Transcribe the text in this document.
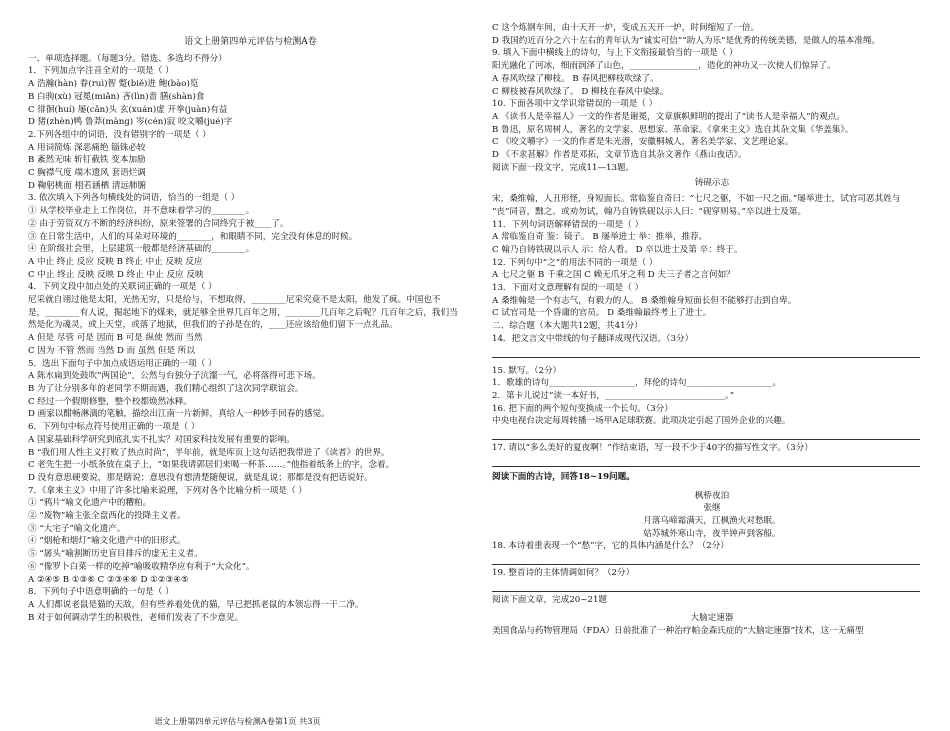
语文上册第四单元评估与检测A卷
一、单项选择题。（每题3分。错选、多选均不得分）
1．下列加点字注音全对的一项是（ ）
A 浩瀚(hàn) 眷(ruì)智 蹩(biě)进 鲍(bào)览
B 白驹(xù) 冠冕(miǎn) 吝(lìn)啬 膳(shàn)食
C 徘徊(huí) 屡(cǎn)头 玄(xuán)虚 开拳(juàn)有益
D 猪(zhèn)鸭 鲁莽(màng) 岑(cén)寂 咬文嚼(jué)字
2.下列各组中的词语，没有错别字的一项是（ ）
A 用词简炼 深恶痛绝 锱铢必较
B 紊然无味 斩钉截铁 变本加励
C 胸襟气度 端木遗风 套语烂调
D 鞠躬桃面 栩若涵栖 清远肺腑
3. 依次填入下列各句横线处的词语，恰当的一组是（ ）
① 从学校毕业走上工作岗位，并不意味着学习的________。
② 由于劳资双方不断的经济纠纷，原来签署的合同终究于被____了。
③ 在日常生活中，人们的耳朵对环境的________，和眼睛不同，完全没有休息的时候。
④ 在阶级社会里，上层建筑一般都是经济基础的________。
A 中止 终止 反应 反映 B 终止 中止 反映 反应
C 中止 终止 反映 反映 D 终止 中止 反应 反映
4．下列文段中加点处的关联词正确的一项是（ ）
尼采就自诩过他是太阳，光热无穷，只是给与，不想取得，________尼采究竟不是太阳，他发了疯。中国也不
是，________有人说，掘起地下的煤来，就足够全世界几百年之用，________几百年之后呢？几百年之后，我们当
然是化为魂灵，或上天堂，或落了地狱，但我们的子孙是在的，____还应该给他们留下一点礼品。
A 但是 尽管 可是 因而 B 可是 纵使 然而 当然
C 因为 不管 然而 当然 D 而 虽然 但是 所以
5．选出下面句子中加点成语运用正确的一项（ ）
A 陈水扁到处鼓吹“两国论”，公然与台独分子沆瀣一气，必将落得可悲下场。
B 为了让分别多年的老同学不期而遇，我们精心组织了这次同学联谊会。
C 经过一个假期修整，整个校都焕然冰释。
D 画家以酣畅淋漓的笔触，描绘出江南一片新鲜，真给人一种妙手回春的感觉。
6．下列句中标点符号使用正确的一项是（ ）
A 国家基础科学研究到底扎实不扎实？对国家科技发展有重要的影响。
B “我们用人性主义打败了热点时尚”，半年前，就是库页上这句话把我带进了《读者》的世界。
C 老先生把一小纸条放在桌子上，“如果我请郭居们来喝一杯茶……。”他指着纸条上的字，念着。
D 没有意思硬要说，那是瞎说；意思没有想清楚随便说，就是乱说；那都是没有把话说好。
7．《拿来主义》中用了许多比喻来说理，下列对各个比喻分析一项是（ ）
① “鸦片”喻文化遗产中的糟粕。
② “废物”喻主张全盘西化的投降主义者。
③ “大宅子”喻文化遗产。
④ “烟枪和烟灯”喻文化遗产中的旧形式。
⑤ “孱头”喻割断历史盲目排斥的虚无主义者。
⑥ “像罗卜白菜一样的吃掉”喻吸收精华应有利于“大众化”。
A ②④⑤ B ①③⑥ C ②③④⑥ D ①②③④⑤
8．下列句子中语意明确的一句是（ ）
A 人们都说老鼠是猫的天敌，但有些养着处优的猫，早已把抓老鼠的本领忘得一干二净。
B 对于如何调动学生的积极性，老师们发表了不少意见。
语文上册第四单元评估与检测A卷第1页 共3页
C 这个炼钢车间，由十天开一炉，变成五天开一炉，时间缩短了一倍。
D 我国约近百分之六十左右的青年认为“诚实可信”“助人为乐”是优秀的传统美德，是做人的基本准绳。
9. 填入下面中横线上的诗句，与上下文衔接最恰当的一项是（ ）
阳光融化了河冰，细雨润泽了山色，________________，造化的神功又一次使人们惊异了。
A 春风吹绿了柳枝。 B 春风把柳枝吹绿了。
C 柳枝被春风吹绿了。 D 柳枝在春风中染绿。
10. 下面各项中文学识常错误的一项是（ ）
A 《读书人是幸福人》一文的作者是谢冕，文章旗帜鲜明的提出了“读书人是幸福人”的观点。
B 鲁迅，原名周树人，著名的文学家、思想家、革命家。《拿来主义》选自其杂文集《华盖集》。
C 《咬文嚼字》一文的作者是朱光潜，安徽桐城人，著名美学家、文艺理论家。
D 《不求甚解》作者是邓拓，文章节选自其杂文著作《燕山夜话》。
阅读下面一段文字，完成11—13题。
铸砚示志
宋，桑维翰，人丑形怪，身短面长。常临鉴自奇曰：“七尺之躯，不如一尺之面。”屡举进士，试官司恶其姓与
“丧”同音，黜之。或劝勿试，翰乃自铸铁砚以示人曰：“砚穿则易。”卒以进士及第。
11．下列句词语解释错误的一项是（ ）
A 常临鉴自奇 鉴：镜子。 B 屡举进士 举：推举，推荐。
C 翰乃自铸铁砚以示人 示：给人看。 D 卒以进士及第 卒：终于。
12. 下列句中“之”的用法不同的一项是（ ）
A 七尺之躯 B 千乘之国 C 赖无爪牙之利 D 夫三子者之言何如？
13．下面对文意理解有误的一项是（ ）
A 桑维翰是一个有志气，有毅力的人。 B 桑维翰身短面长但不能够打击到自卑。
C 试官司是一个昏庸的官员。 D 桑维翰最终考上了进士。
二、综合题（本大题共12题，共41分）
14．把文言文中带线的句子翻译成现代汉语。（3分）
15. 默写。（2分）
1．歌雄的诗句____________________，拜伦的诗句____________________。
2．第卡儿说过“读一本好书，____________________________。”
16. 把下面的两个短句变换成一个长句。（3分）
中央电视台决定每周转播一场甲A足球联赛。此项决定引起了国外企业的兴趣。
17. 请以“多么美好的夏夜啊！”作结束语，写一段不少于40字的描写性文字。（3分）
阅读下面的古诗，回答18~19问题。
枫桥夜泊
张继
月落乌啼霜满天，江枫渔火对愁眠。
姑苏城外寒山寺，夜半钟声到客船。
18. 本诗着重表现一个“愁”字，它的具体内涵是什么？（2分）
19. 整首诗的主体情调如何？（2分）
阅读下面文章，完成20~21题
大脑定速器
美国食品与药物管理局（FDA）日前批准了一种治疗帕金森氏症的“大脑定速器”技术，这一无痛型
